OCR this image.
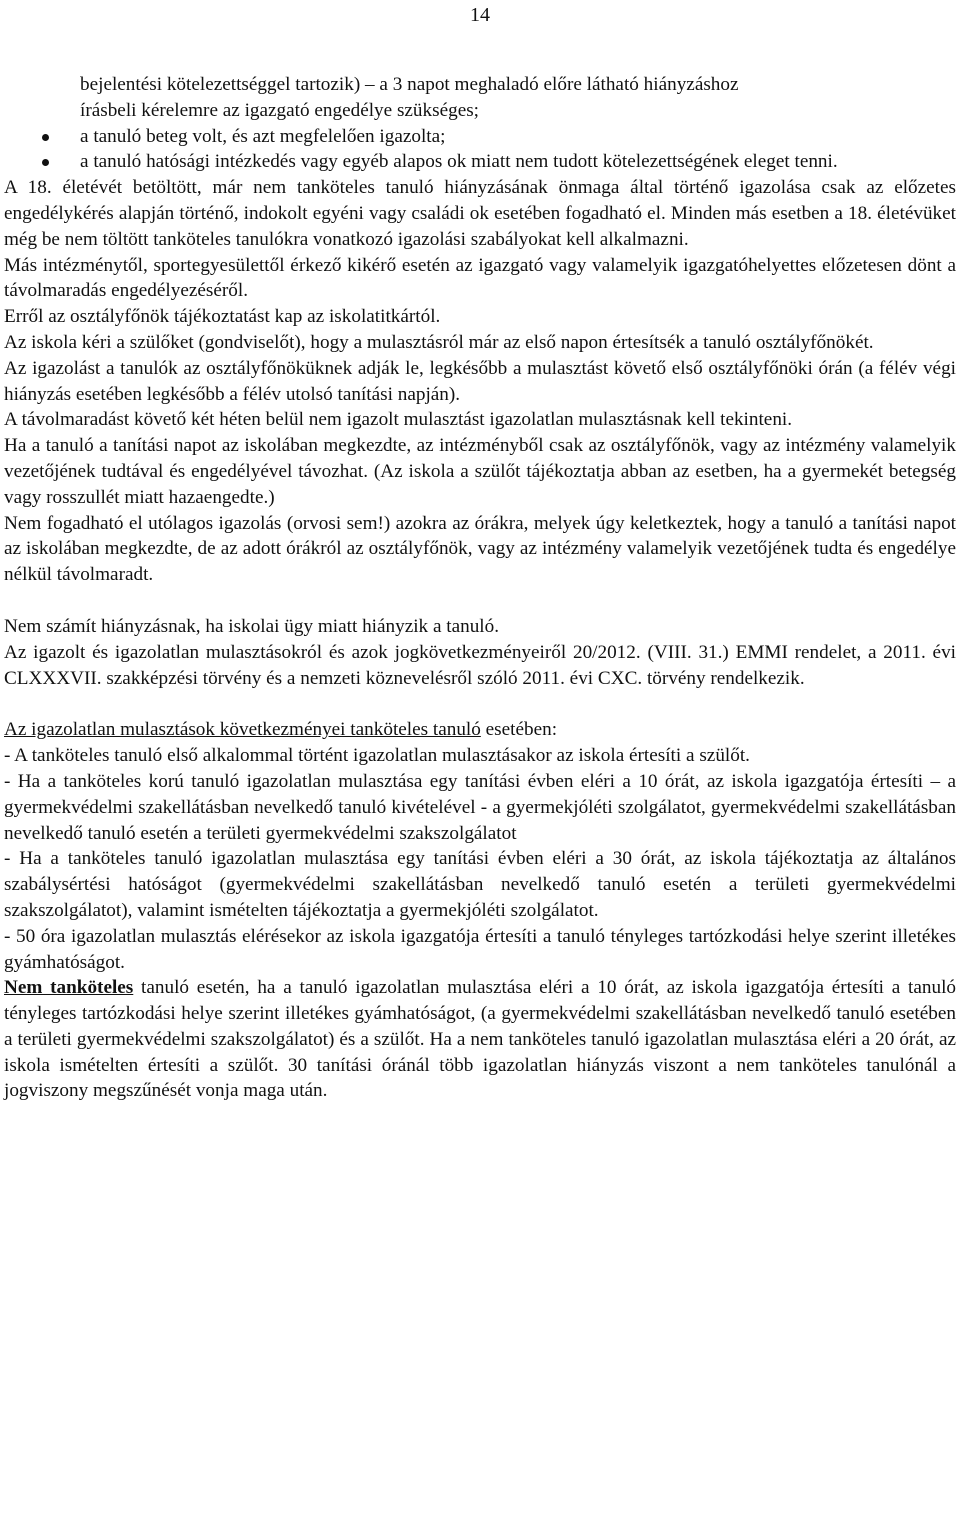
14
bejelentési kötelezettséggel tartozik) – a 3 napot meghaladó előre látható hiányzáshoz
írásbeli kérelemre az igazgató engedélye szükséges;
a tanuló beteg volt, és azt megfelelően igazolta;

a tanuló hatósági intézkedés vagy egyéb alapos ok miatt nem tudott kötelezettségének eleget tenni.

A 18. életévét betöltött, már nem tanköteles tanuló hiányzásának önmaga által történő igazolása csak az előzetes engedélykérés alapján történő, indokolt egyéni vagy családi ok esetében fogadható el. Minden más esetben a 18. életévüket még be nem töltött tanköteles tanulókra vonatkozó igazolási szabályokat kell alkalmazni.

Más intézménytől, sportegyesülettől érkező kikérő esetén az igazgató vagy valamelyik igazgatóhelyettes előzetesen dönt a távolmaradás engedélyezéséről.

Erről az osztályfőnök tájékoztatást kap az iskolatitkártól.

Az iskola kéri a szülőket (gondviselőt), hogy a mulasztásról már az első napon értesítsék a tanuló osztályfőnökét.

Az igazolást a tanulók az osztályfőnöküknek adják le, legkésőbb a mulasztást követő első osztályfőnöki órán (a félév végi hiányzás esetében legkésőbb a félév utolsó tanítási napján).

A távolmaradást követő két héten belül nem igazolt mulasztást igazolatlan mulasztásnak kell tekinteni.

Ha a tanuló a tanítási napot az iskolában megkezdte, az intézményből csak az osztályfőnök, vagy az intézmény valamelyik vezetőjének tudtával és engedélyével távozhat. (Az iskola a szülőt tájékoztatja abban az esetben, ha a gyermekét betegség vagy rosszullét miatt hazaengedte.)

Nem fogadható el utólagos igazolás (orvosi sem!) azokra az órákra, melyek úgy keletkeztek, hogy a tanuló a tanítási napot az iskolában megkezdte, de az adott órákról az osztályfőnök, vagy az intézmény valamelyik vezetőjének tudta és engedélye nélkül távolmaradt.

Nem számít hiányzásnak, ha iskolai ügy miatt hiányzik a tanuló.

Az igazolt és igazolatlan mulasztásokról és azok jogkövetkezményeiről 20/2012. (VIII. 31.) EMMI rendelet, a 2011. évi CLXXXVII. szakképzési törvény és a nemzeti köznevelésről szóló 2011. évi CXC. törvény rendelkezik.

Az igazolatlan mulasztások következményei tanköteles tanuló esetében:

- A tanköteles tanuló első alkalommal történt igazolatlan mulasztásakor az iskola értesíti a szülőt.

- Ha a tanköteles korú tanuló igazolatlan mulasztása egy tanítási évben eléri a 10 órát, az iskola igazgatója értesíti – a gyermekvédelmi szakellátásban nevelkedő tanuló kivételével - a gyermekjóléti szolgálatot, gyermekvédelmi szakellátásban nevelkedő tanuló esetén a területi gyermekvédelmi szakszolgálatot

- Ha a tanköteles tanuló igazolatlan mulasztása egy tanítási évben eléri a 30 órát, az iskola tájékoztatja az általános szabálysértési hatóságot (gyermekvédelmi szakellátásban nevelkedő tanuló esetén a területi gyermekvédelmi szakszolgálatot), valamint ismételten tájékoztatja a gyermekjóléti szolgálatot.

- 50 óra igazolatlan mulasztás elérésekor az iskola igazgatója értesíti a tanuló tényleges tartózkodási helye szerint illetékes gyámhatóságot.

Nem tanköteles tanuló esetén, ha a tanuló igazolatlan mulasztása eléri a 10 órát, az iskola igazgatója értesíti a tanuló tényleges tartózkodási helye szerint illetékes gyámhatóságot, (a gyermekvédelmi szakellátásban nevelkedő tanuló esetében a területi gyermekvédelmi szakszolgálatot) és a szülőt. Ha a nem tanköteles tanuló igazolatlan mulasztása eléri a 20 órát, az iskola ismételten értesíti a szülőt. 30 tanítási óránál több igazolatlan hiányzás viszont a nem tanköteles tanulónál a jogviszony megszűnését vonja maga után.
